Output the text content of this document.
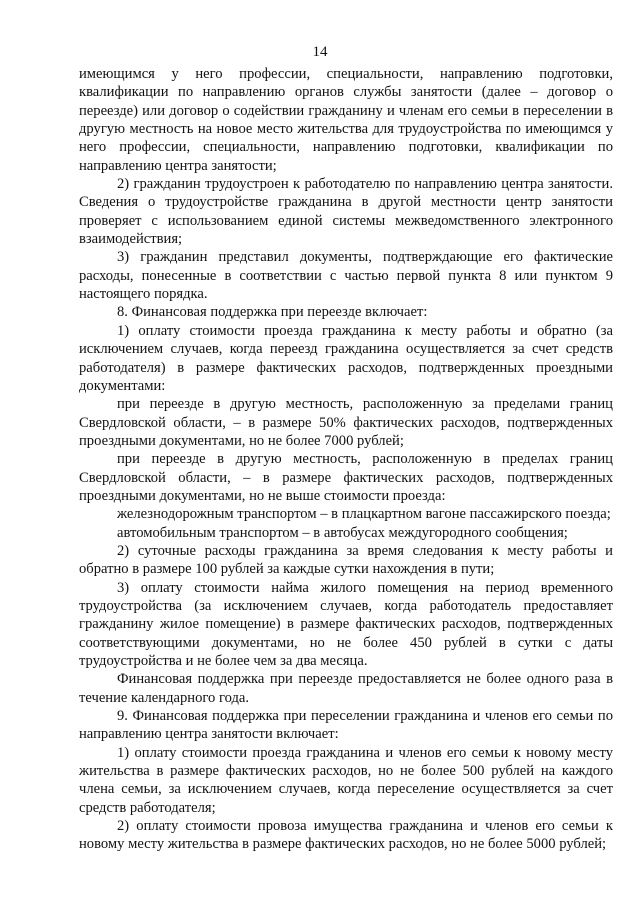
14

имеющимся у него профессии, специальности, направлению подготовки, квалификации по направлению органов службы занятости (далее – договор о переезде) или договор о содействии гражданину и членам его семьи в переселении в другую местность на новое место жительства для трудоустройства по имеющимся у него профессии, специальности, направлению подготовки, квалификации по направлению центра занятости;

2) гражданин трудоустроен к работодателю по направлению центра занятости. Сведения о трудоустройстве гражданина в другой местности центр занятости проверяет с использованием единой системы межведомственного электронного взаимодействия;

3) гражданин представил документы, подтверждающие его фактические расходы, понесенные в соответствии с частью первой пункта 8 или пунктом 9 настоящего порядка.

8. Финансовая поддержка при переезде включает:

1) оплату стоимости проезда гражданина к месту работы и обратно (за исключением случаев, когда переезд гражданина осуществляется за счет средств работодателя) в размере фактических расходов, подтвержденных проездными документами:

при переезде в другую местность, расположенную за пределами границ Свердловской области, – в размере 50% фактических расходов, подтвержденных проездными документами, но не более 7000 рублей;

при переезде в другую местность, расположенную в пределах границ Свердловской области, – в размере фактических расходов, подтвержденных проездными документами, но не выше стоимости проезда:

железнодорожным транспортом – в плацкартном вагоне пассажирского поезда;

автомобильным транспортом – в автобусах междугородного сообщения;

2) суточные расходы гражданина за время следования к месту работы и обратно в размере 100 рублей за каждые сутки нахождения в пути;

3) оплату стоимости найма жилого помещения на период временного трудоустройства (за исключением случаев, когда работодатель предоставляет гражданину жилое помещение) в размере фактических расходов, подтвержденных соответствующими документами, но не более 450 рублей в сутки с даты трудоустройства и не более чем за два месяца.

Финансовая поддержка при переезде предоставляется не более одного раза в течение календарного года.

9. Финансовая поддержка при переселении гражданина и членов его семьи по направлению центра занятости включает:

1) оплату стоимости проезда гражданина и членов его семьи к новому месту жительства в размере фактических расходов, но не более 500 рублей на каждого члена семьи, за исключением случаев, когда переселение осуществляется за счет средств работодателя;

2) оплату стоимости провоза имущества гражданина и членов его семьи к новому месту жительства в размере фактических расходов, но не более 5000 рублей;
